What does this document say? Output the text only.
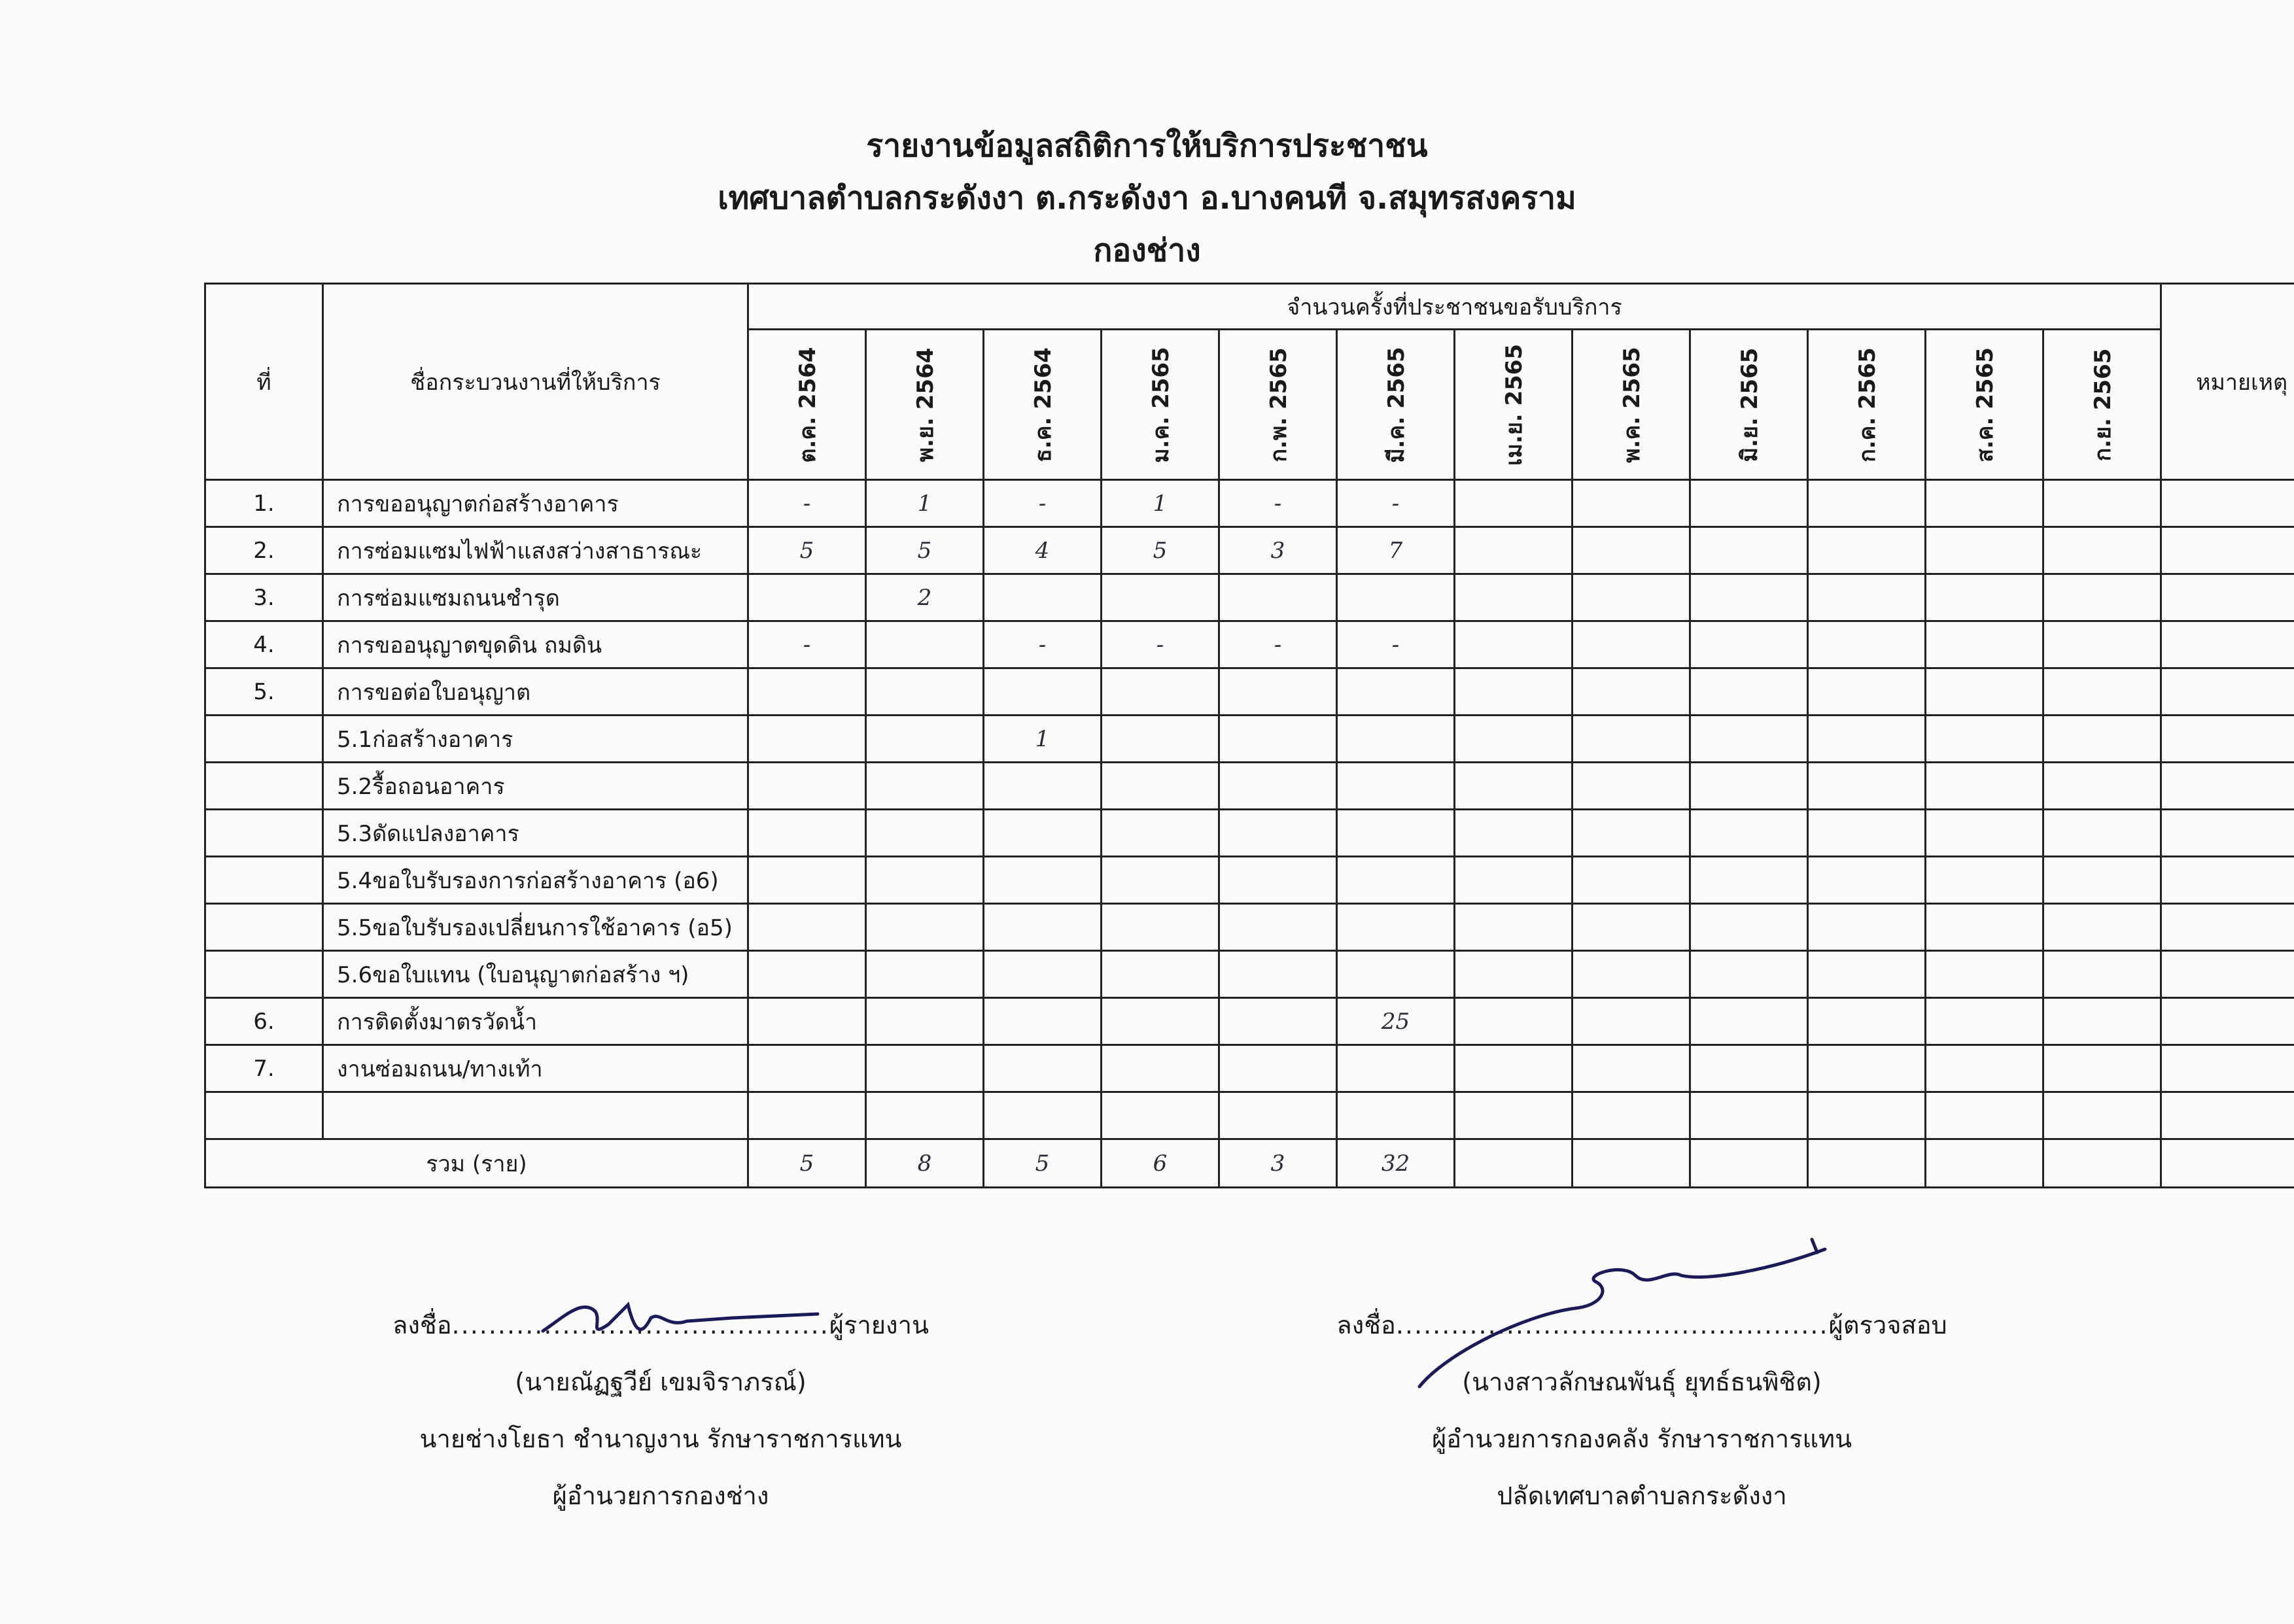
รายงานข้อมูลสถิติการให้บริการประชาชน
เทศบาลตำบลกระดังงา ต.กระดังงา อ.บางคนที จ.สมุทรสงคราม
กองช่าง
ที่	ชื่อกระบวนงานที่ให้บริการ	จำนวนครั้งที่ประชาชนขอรับบริการ												หมายเหตุ

		ต.ค. 2564	พ.ย. 2564	ธ.ค. 2564	ม.ค. 2565	ก.พ. 2565	มี.ค. 2565	เม.ย. 2565	พ.ค. 2565	มิ.ย. 2565	ก.ค. 2565	ส.ค. 2565	ก.ย. 2565	

1.	การขออนุญาตก่อสร้างอาคาร	-	1	-	1	-	-							
2.	การซ่อมแซมไฟฟ้าแสงสว่างสาธารณะ	5	5	4	5	3	7							
3.	การซ่อมแซมถนนชำรุด		2											
4.	การขออนุญาตขุดดิน ถมดิน	-		-	-	-	-							
5.	การขอต่อใบอนุญาต													
	5.1ก่อสร้างอาคาร			1										
	5.2รื้อถอนอาคาร													
	5.3ดัดแปลงอาคาร													
	5.4ขอใบรับรองการก่อสร้างอาคาร (อ6)													
	5.5ขอใบรับรองเปลี่ยนการใช้อาคาร (อ5)													
	5.6ขอใบแทน (ใบอนุญาตก่อสร้าง ฯ)													
6.	การติดตั้งมาตรวัดน้ำ						25							
7.	งานซ่อมถนน/ทางเท้า													

รวม (ราย)		5	8	5	6	3	32							
ลงชื่อ.........................................ผู้รายงาน
(นายณัฏฐวีย์ เขมจิราภรณ์)
นายช่างโยธา ชำนาญงาน รักษาราชการแทน
ผู้อำนวยการกองช่าง
ลงชื่อ...............................................ผู้ตรวจสอบ
(นางสาวลักษณพันธุ์ ยุทธ์ธนพิชิต)
ผู้อำนวยการกองคลัง รักษาราชการแทน
ปลัดเทศบาลตำบลกระดังงา
